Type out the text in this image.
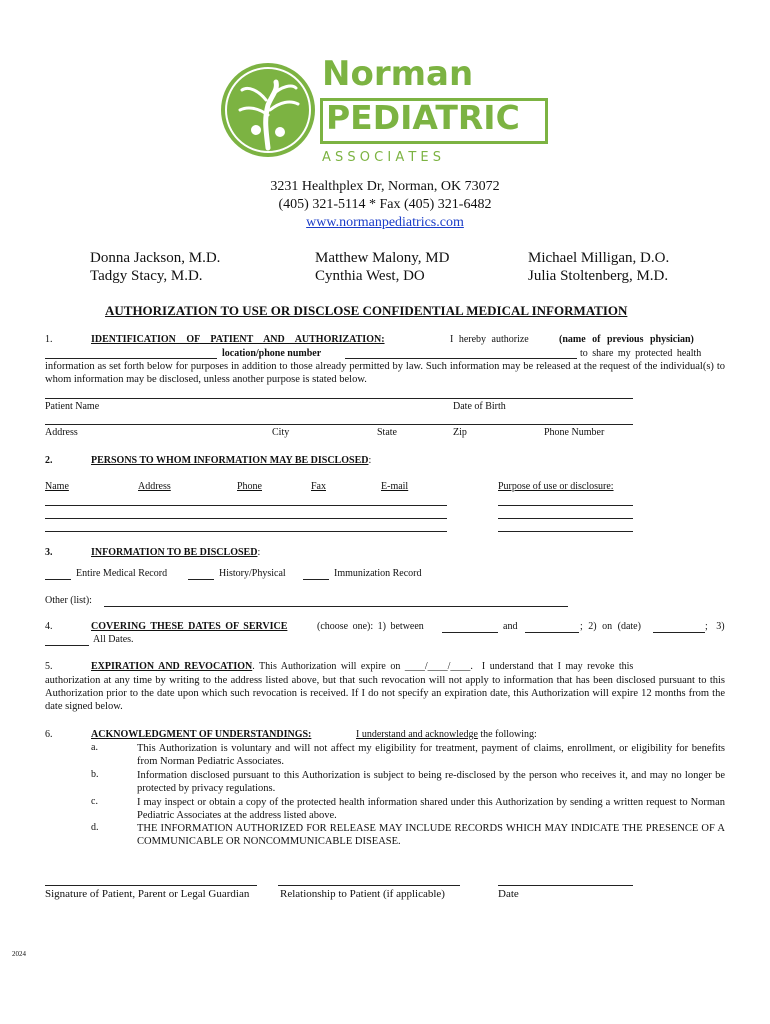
Norman
PEDIATRIC
A S S O C I A T E S
3231 Healthplex Dr, Norman, OK 73072
(405) 321-5114 * Fax (405) 321-6482
www.normanpediatrics.com
Donna Jackson, M.D.
Tadgy Stacy, M.D.
Matthew Malony, MD
Cynthia West, DO
Michael Milligan, D.O.
Julia Stoltenberg, M.D.
AUTHORIZATION TO USE OR DISCLOSE CONFIDENTIAL MEDICAL INFORMATION
1.	IDENTIFICATION OF PATIENT AND AUTHORIZATION:	I hereby authorize	(name of previous physician)
location/phone number	to share my protected health
information as set forth below for purposes in addition to those already permitted by law. Such information may be released at the request of the individual(s) to whom information may be disclosed, unless another purpose is stated below.
Patient Name	Date of Birth
Address	City	State	Zip	Phone Number
2.	PERSONS TO WHOM INFORMATION MAY BE DISCLOSED:
Name	Address	Phone	Fax	E-mail	Purpose of use or disclosure:
3.	INFORMATION TO BE DISCLOSED:
Entire Medical Record	History/Physical	Immunization Record
Other (list):
4.	COVERING THESE DATES OF SERVICE	(choose one): 1) between	and	; 2) on (date)	; 3)
All Dates.
5.	EXPIRATION AND REVOCATION. This Authorization will expire on ____/____/____.  I understand that I may revoke this
authorization at any time by writing to the address listed above, but that such revocation will not apply to information that has been disclosed pursuant to this Authorization prior to the date upon which such revocation is received. If I do not specify an expiration date, this Authorization will expire 12 months from the date signed below.
6.	ACKNOWLEDGMENT OF UNDERSTANDINGS:	I understand and acknowledge the following:
a.	This Authorization is voluntary and will not affect my eligibility for treatment, payment of claims, enrollment, or eligibility for benefits from Norman Pediatric Associates.
b.	Information disclosed pursuant to this Authorization is subject to being re-disclosed by the person who receives it, and may no longer be protected by privacy regulations.
c.	I may inspect or obtain a copy of the protected health information shared under this Authorization by sending a written request to Norman Pediatric Associates at the address listed above.
d.	THE INFORMATION AUTHORIZED FOR RELEASE MAY INCLUDE RECORDS WHICH MAY INDICATE THE PRESENCE OF A COMMUNICABLE OR NONCOMMUNICABLE DISEASE.
Signature of Patient, Parent or Legal Guardian	Relationship to Patient (if applicable)	Date
2024
